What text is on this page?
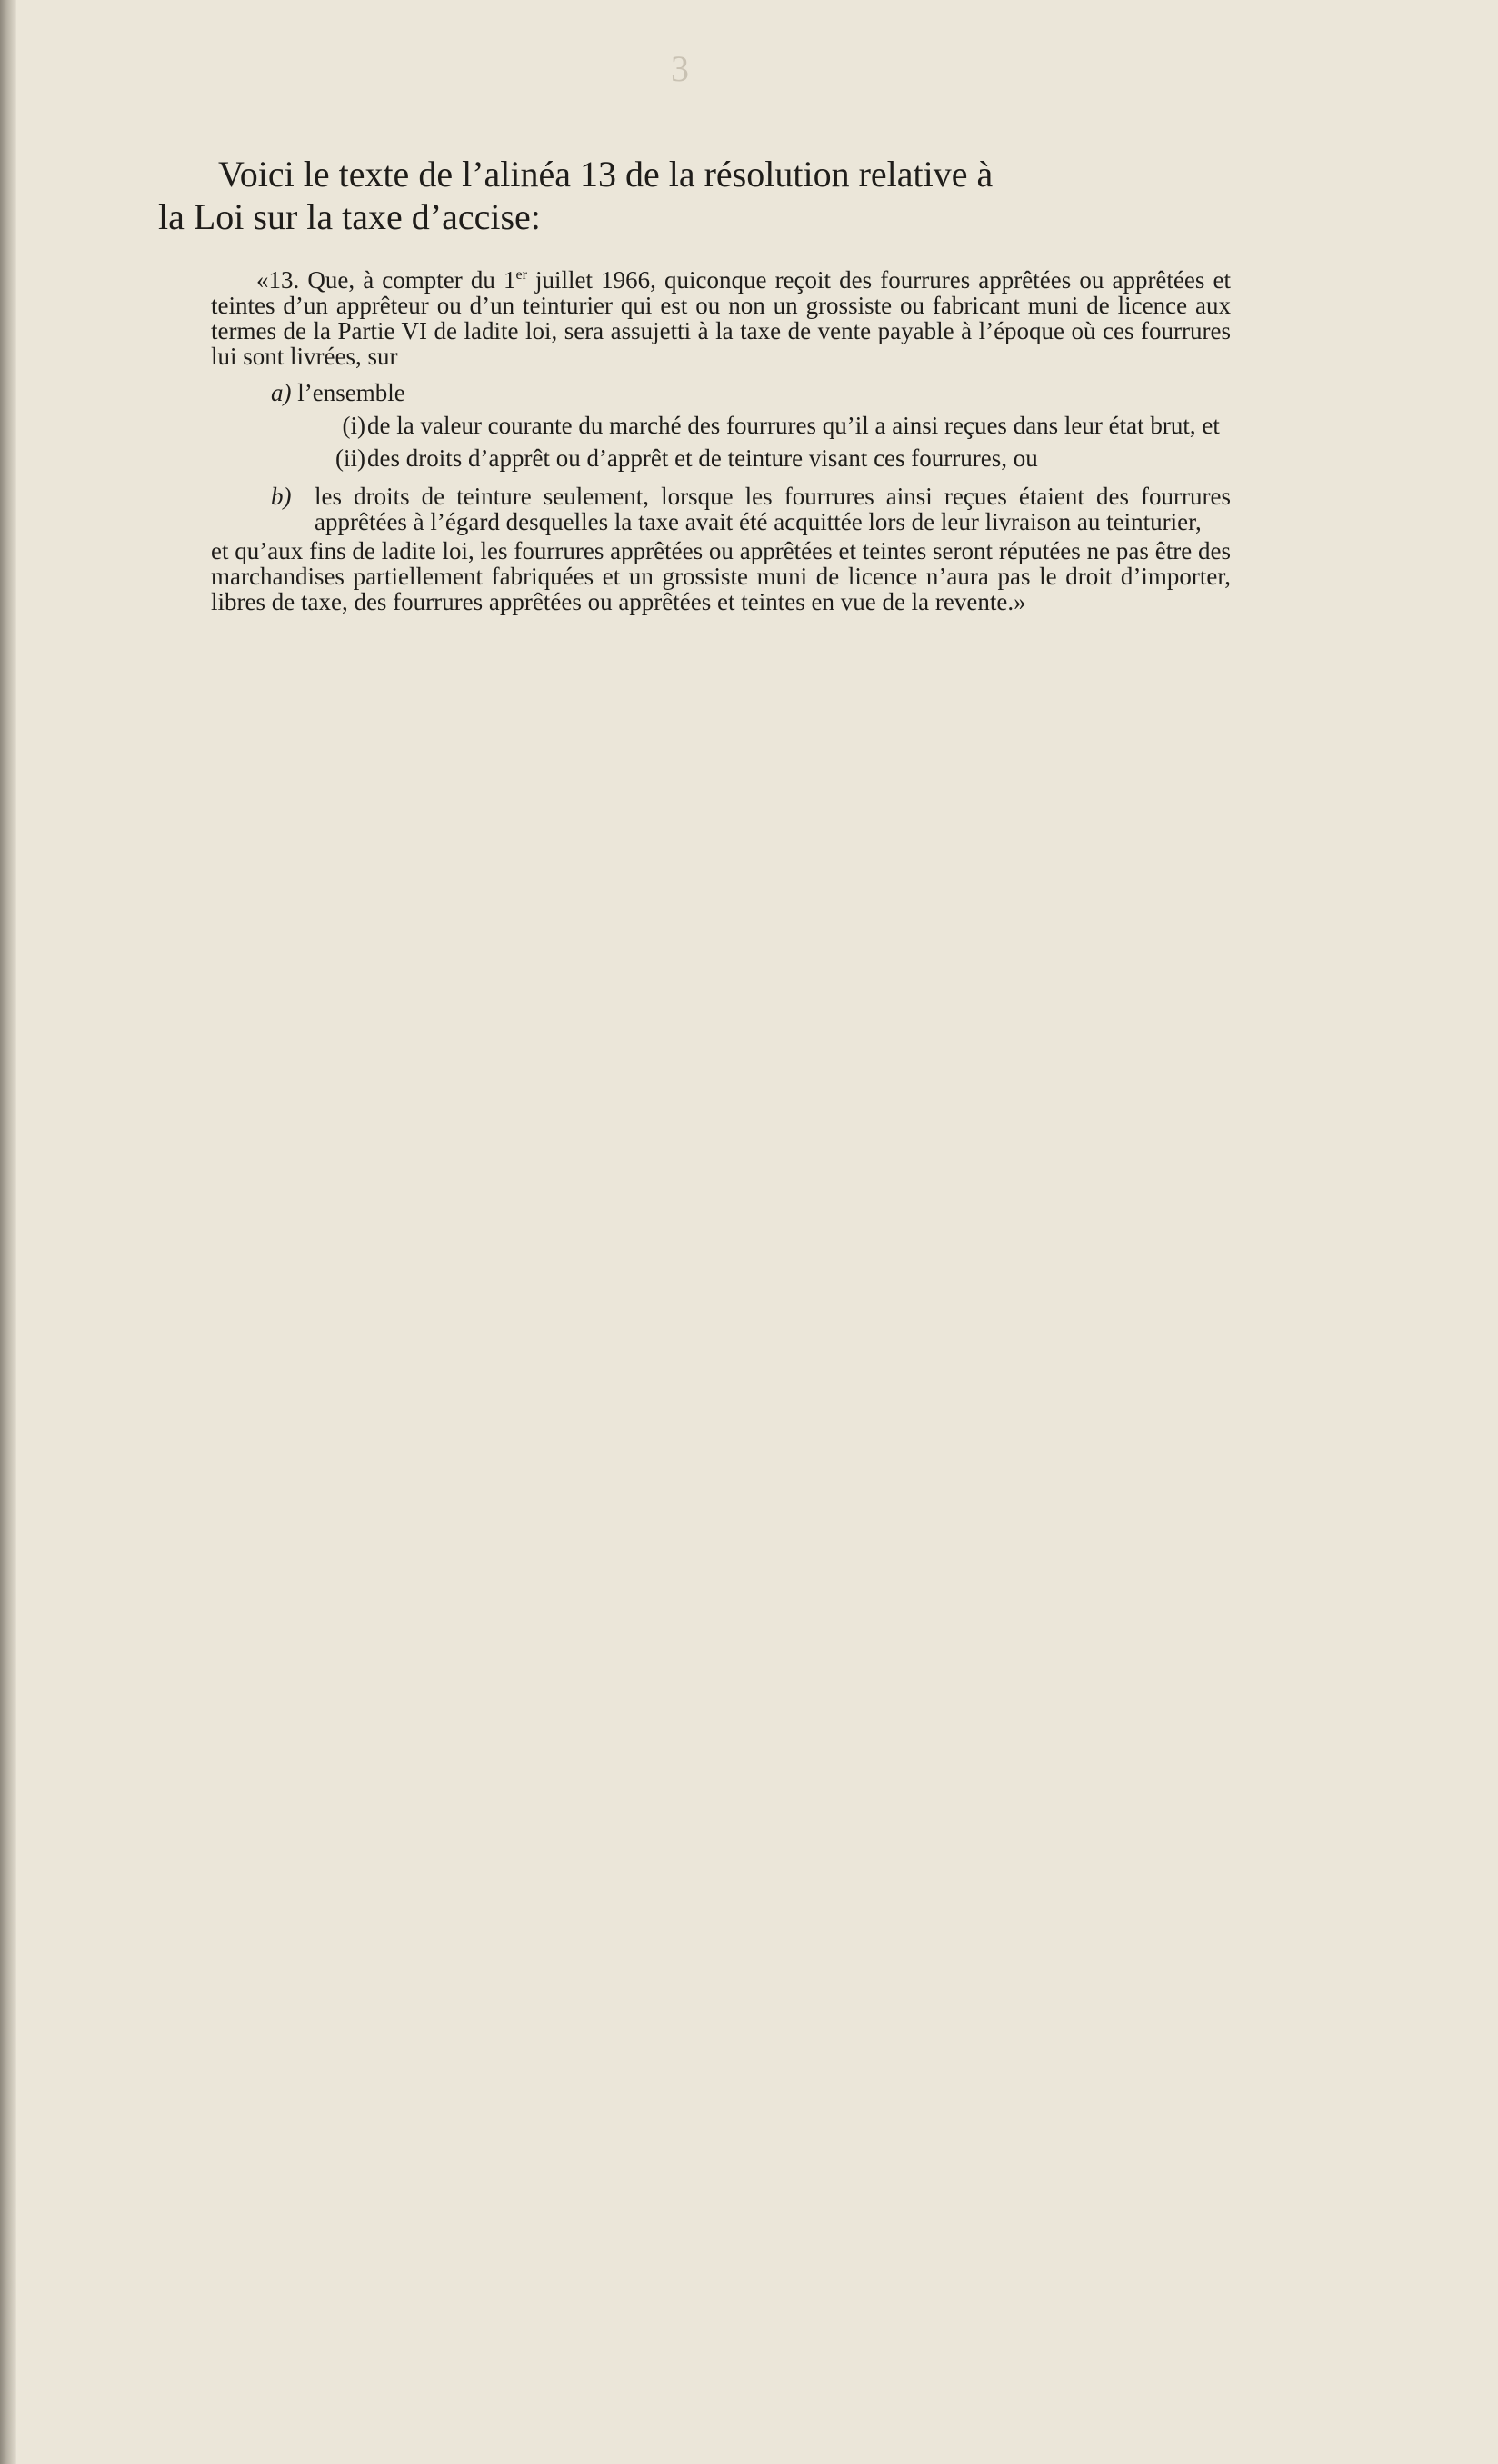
3
Voici le texte de l’alinéa 13 de la résolution relative à
la Loi sur la taxe d’accise:

«13. Que, à compter du 1er juillet 1966, quiconque reçoit des fourrures apprêtées ou apprêtées et teintes d’un apprêteur ou d’un teinturier qui est ou non un grossiste ou fabricant muni de licence aux termes de la Partie VI de ladite loi, sera assujetti à la taxe de vente payable à l’époque où ces fourrures lui sont livrées, sur

a) l’ensemble

(i) de la valeur courante du marché des fourrures qu’il a ainsi reçues dans leur état brut, et

(ii) des droits d’apprêt ou d’apprêt et de teinture visant ces fourrures, ou

b) les droits de teinture seulement, lorsque les fourrures ainsi reçues étaient des fourrures apprêtées à l’égard desquelles la taxe avait été acquittée lors de leur livraison au teinturier,

et qu’aux fins de ladite loi, les fourrures apprêtées ou apprêtées et teintes seront réputées ne pas être des marchandises partiellement fabriquées et un grossiste muni de licence n’aura pas le droit d’importer, libres de taxe, des fourrures apprêtées ou apprêtées et teintes en vue de la revente.»
